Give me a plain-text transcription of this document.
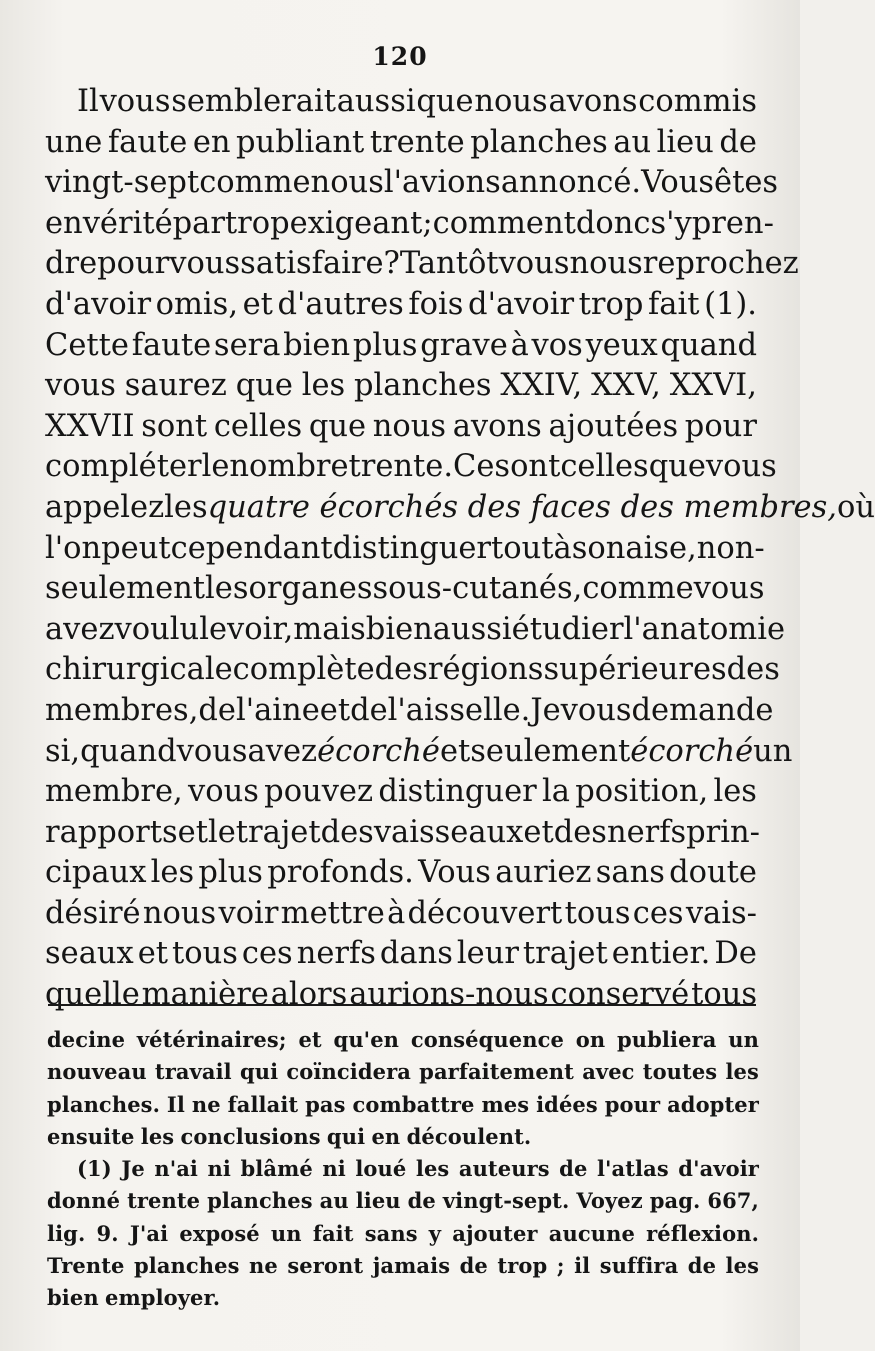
120
Il vous semblerait aussi que nous avons commis
une faute en publiant trente planches au lieu de
vingt-sept comme nous l'avions annoncé. Vous êtes
en vérité par trop exigeant; comment donc s'y pren-
dre pour vous satisfaire? Tantôt vous nous reprochez
d'avoir omis, et d'autres fois d'avoir trop fait (1).
Cette faute sera bien plus grave à vos yeux quand
vous saurez que les planches XXIV, XXV, XXVI,
XXVII sont celles que nous avons ajoutées pour
compléter le nombre trente. Ce sont celles que vous
appelez les quatre écorchés des faces des membres, où
l'on peut cependant distinguer tout à son aise, non-
seulement les organes sous-cutanés, comme vous
avez voulu le voir, mais bien aussi étudier l'anatomie
chirurgicale complète des régions supérieures des
membres, de l'aine et de l'aisselle. Je vous demande
si, quand vous avez écorché et seulement écorché un
membre, vous pouvez distinguer la position, les
rapports et le trajet des vaisseaux et des nerfs prin-
cipaux les plus profonds. Vous auriez sans doute
désiré nous voir mettre à découvert tous ces vais-
seaux et tous ces nerfs dans leur trajet entier. De
quelle manière alors aurions-nous conservé tous
decine vétérinaires; et qu'en conséquence on publiera un
nouveau travail qui coïncidera parfaitement avec toutes les
planches. Il ne fallait pas combattre mes idées pour adopter
ensuite les conclusions qui en découlent.
(1) Je n'ai ni blâmé ni loué les auteurs de l'atlas d'avoir
donné trente planches au lieu de vingt-sept. Voyez pag. 667,
lig. 9. J'ai exposé un fait sans y ajouter aucune réflexion.
Trente planches ne seront jamais de trop ; il suffira de les
bien employer.
